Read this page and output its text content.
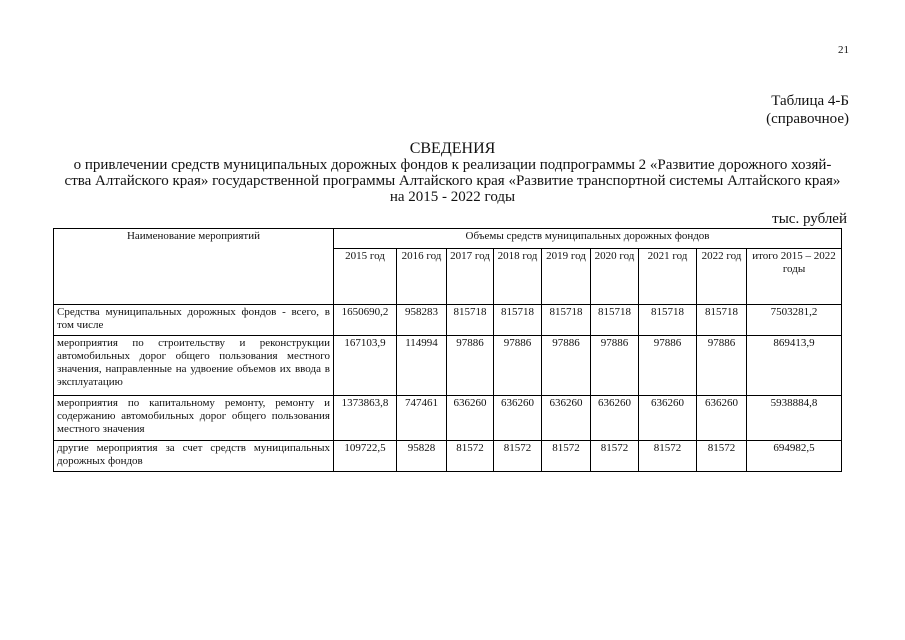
21
Таблица 4-Б
(справочное)
СВЕДЕНИЯ
о привлечении средств муниципальных дорожных фондов к реализации подпрограммы 2 «Развитие дорожного хозяй-
ства Алтайского края» государственной программы Алтайского края «Развитие транспортной системы Алтайского края»
на 2015 - 2022 годы
тыс. рублей
Наименование мероприятий	Объемы средств муниципальных дорожных фондов								
	2015 год	2016 год	2017 год	2018 год	2019 год	2020 год	2021 год	2022 год	итого 2015 – 2022 годы
Средства муниципальных дорожных фондов - всего, в том числе	1650690,2	958283	815718	815718	815718	815718	815718	815718	7503281,2
мероприятия по строительству и реконструкции автомобильных дорог общего пользования местного значения, направленные на удвоение объемов их ввода в эксплуатацию	167103,9	114994	97886	97886	97886	97886	97886	97886	869413,9
мероприятия по капитальному ремонту, ремонту и содержанию автомобильных дорог общего пользования местного значения	1373863,8	747461	636260	636260	636260	636260	636260	636260	5938884,8
другие мероприятия за счет средств муниципальных дорожных фондов	109722,5	95828	81572	81572	81572	81572	81572	81572	694982,5
